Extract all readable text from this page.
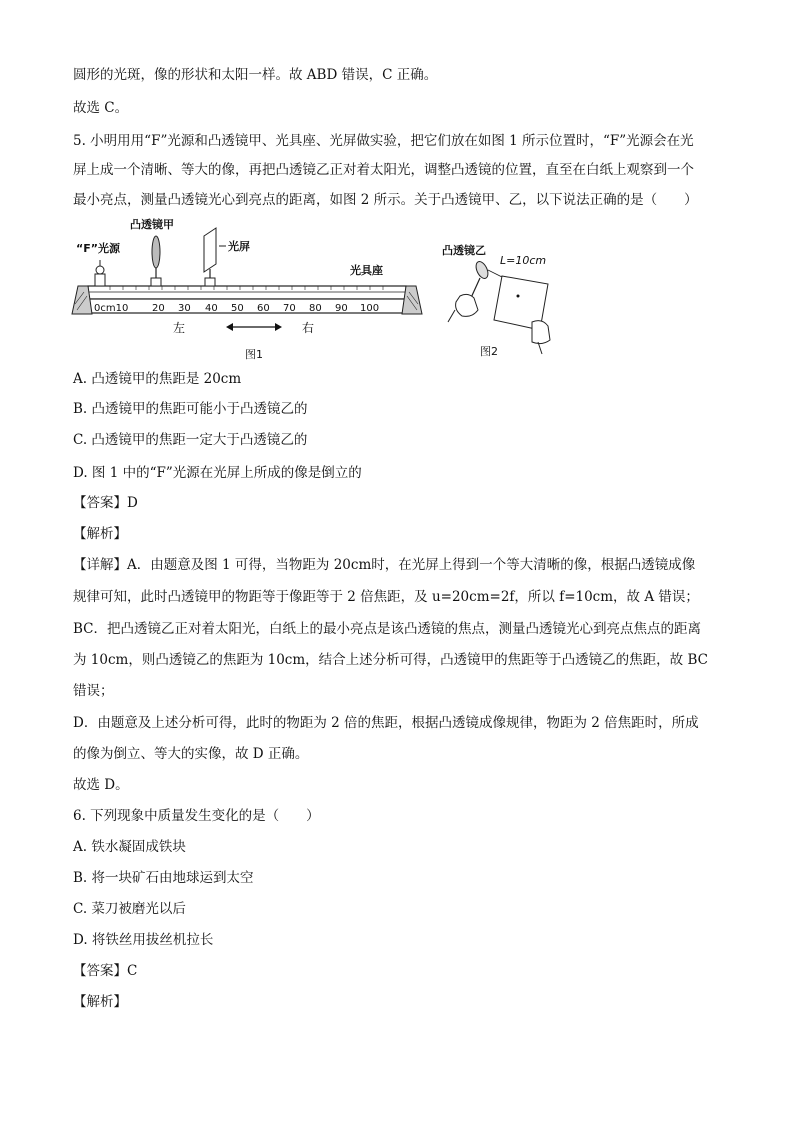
圆形的光斑，像的形状和太阳一样。故 ABD 错误，C 正确。
故选 C。
5. 小明用用“F”光源和凸透镜甲、光具座、光屏做实验，把它们放在如图 1 所示位置时，“F”光源会在光
屏上成一个清晰、等大的像，再把凸透镜乙正对着太阳光，调整凸透镜的位置，直至在白纸上观察到一个
最小亮点，测量凸透镜光心到亮点的距离，如图 2 所示。关于凸透镜甲、乙，以下说法正确的是（　　）
0cm10 20 30 40 50 60 70 80 90 100
“F”光源
凸透镜甲
光屏
光具座
左	右
图1
凸透镜乙
L=10cm
图2
A. 凸透镜甲的焦距是 20cm
B. 凸透镜甲的焦距可能小于凸透镜乙的
C. 凸透镜甲的焦距一定大于凸透镜乙的
D. 图 1 中的“F”光源在光屏上所成的像是倒立的
【答案】D
【解析】
【详解】A．由题意及图 1 可得，当物距为 20cm时，在光屏上得到一个等大清晰的像，根据凸透镜成像
规律可知，此时凸透镜甲的物距等于像距等于 2 倍焦距，及 u=20cm=2f，所以 f=10cm，故 A 错误；
BC．把凸透镜乙正对着太阳光，白纸上的最小亮点是该凸透镜的焦点，测量凸透镜光心到亮点焦点的距离
为 10cm，则凸透镜乙的焦距为 10cm，结合上述分析可得，凸透镜甲的焦距等于凸透镜乙的焦距，故 BC
错误；
D．由题意及上述分析可得，此时的物距为 2 倍的焦距，根据凸透镜成像规律，物距为 2 倍焦距时，所成
的像为倒立、等大的实像，故 D 正确。
故选 D。
6. 下列现象中质量发生变化的是（　　）
A. 铁水凝固成铁块
B. 将一块矿石由地球运到太空
C. 菜刀被磨光以后
D. 将铁丝用拔丝机拉长
【答案】C
【解析】
